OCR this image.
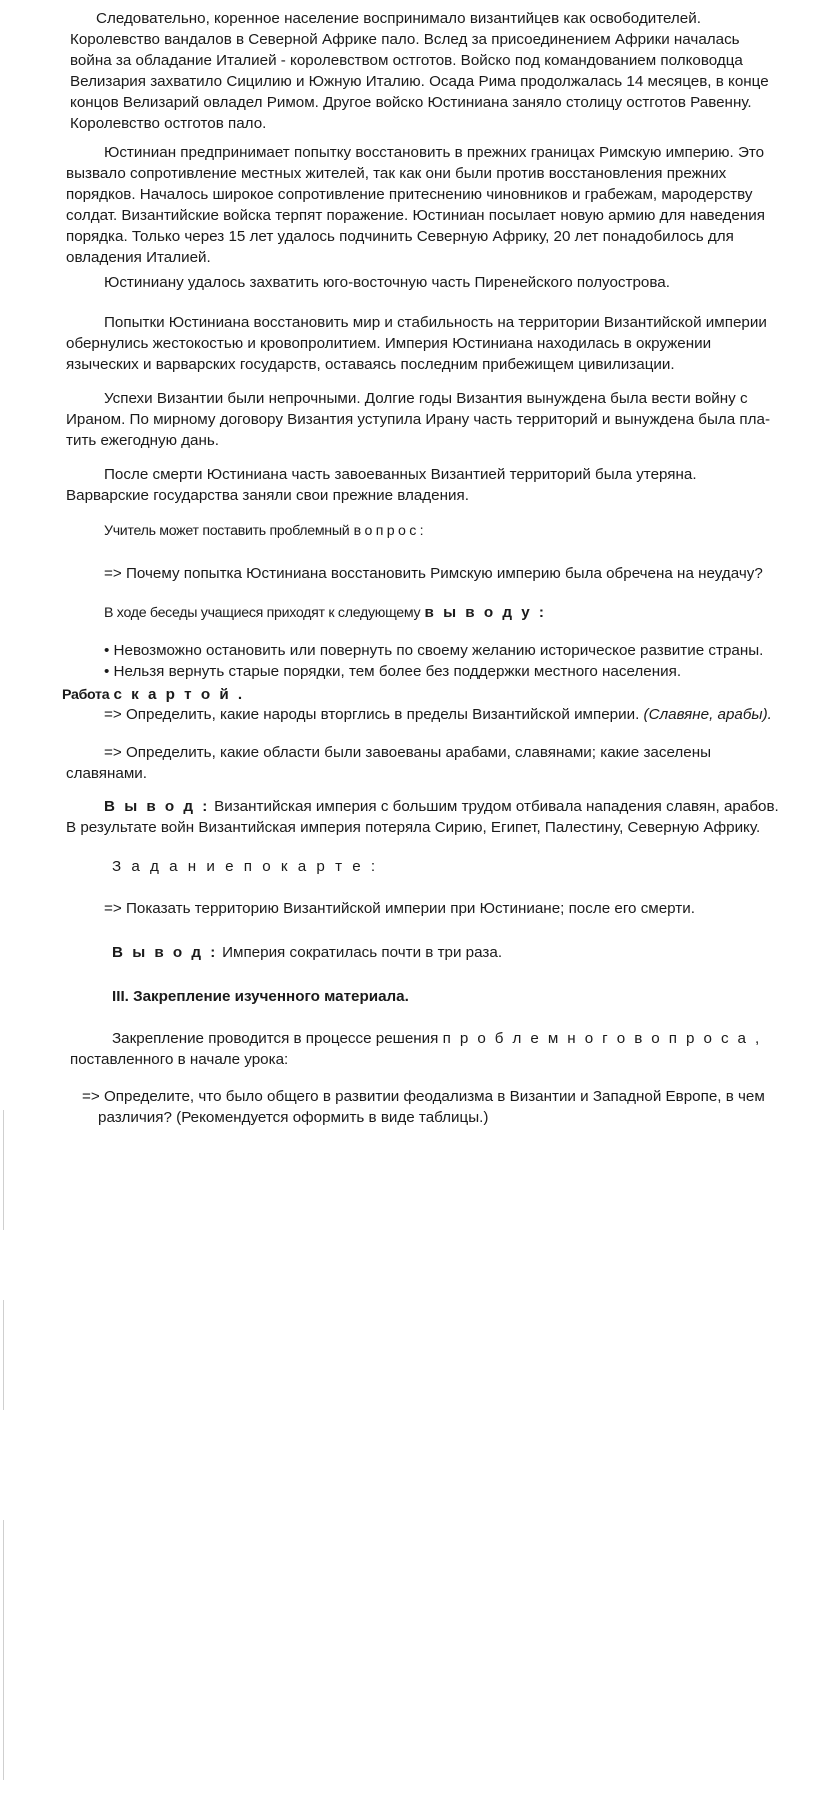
Следовательно, коренное население воспринимало византийцев как освободителей. Королевство вандалов в Северной Африке пало. Вслед за присоединением Африки началась война за обладание Италией - королевством остготов. Войско под командованием полководца Велизария захватило Сицилию и Южную Италию. Осада Рима продолжалась 14 месяцев, в конце концов Велизарий овладел Римом. Другое войско Юстиниана заняло столицу остготов Равенну. Королевство остготов пало.

Юстиниан предпринимает попытку восстановить в прежних границах Римскую империю. Это вызвало сопротивление местных жителей, так как они были против восстановления прежних порядков. Началось широкое сопротивление притеснению чиновников и грабежам, мародерству солдат. Византийские войска терпят поражение. Юстиниан посылает новую армию для наведения порядка. Только через 15 лет удалось подчинить Северную Африку, 20 лет понадобилось для овладения Италией.

Юстиниану удалось захватить юго-восточную часть Пиренейского полуострова.

Попытки Юстиниана восстановить мир и стабильность на территории Византийской империи обернулись жестокостью и кровопролитием. Империя Юстиниана находилась в окружении языческих и варварских государств, оставаясь последним прибежищем цивилизации.

Успехи Византии были непрочными. Долгие годы Византия вынуждена была вести войну с Ираном. По мирному договору Византия уступила Ирану часть территорий и вынуждена была пла-тить ежегодную дань.

После смерти Юстиниана часть завоеванных Византией территорий была утеряна. Варварские государства заняли свои прежние владения.

Учитель может поставить проблемный в о п р о с :

=> Почему попытка Юстиниана восстановить Римскую империю была обречена на неудачу?

В ходе беседы учащиеся приходят к следующему в ы в о д у :

• Невозможно остановить или повернуть по своему желанию историческое развитие страны.
• Нельзя вернуть старые порядки, тем более без поддержки местного населения.

Работа с к а р т о й .

=> Определить, какие народы вторглись в пределы Византийской империи. (Славяне, арабы).

=> Определить, какие области были завоеваны арабами, славянами; какие заселены славянами.

В ы в о д : Византийская империя с большим трудом отбивала нападения славян, арабов. В результате войн Византийская империя потеряла Сирию, Египет, Палестину, Северную Африку.

З а д а н и е п о к а р т е :

=> Показать территорию Византийской империи при Юстиниане; после его смерти.

В ы в о д : Империя сократилась почти в три раза.

III. Закрепление изученного материала.

Закрепление проводится в процессе решения п р о б л е м н о г о в о п р о с а , поставленного в начале урока:

=> Определите, что было общего в развитии феодализма в Византии и Западной Европе, в чем различия? (Рекомендуется оформить в виде таблицы.)
